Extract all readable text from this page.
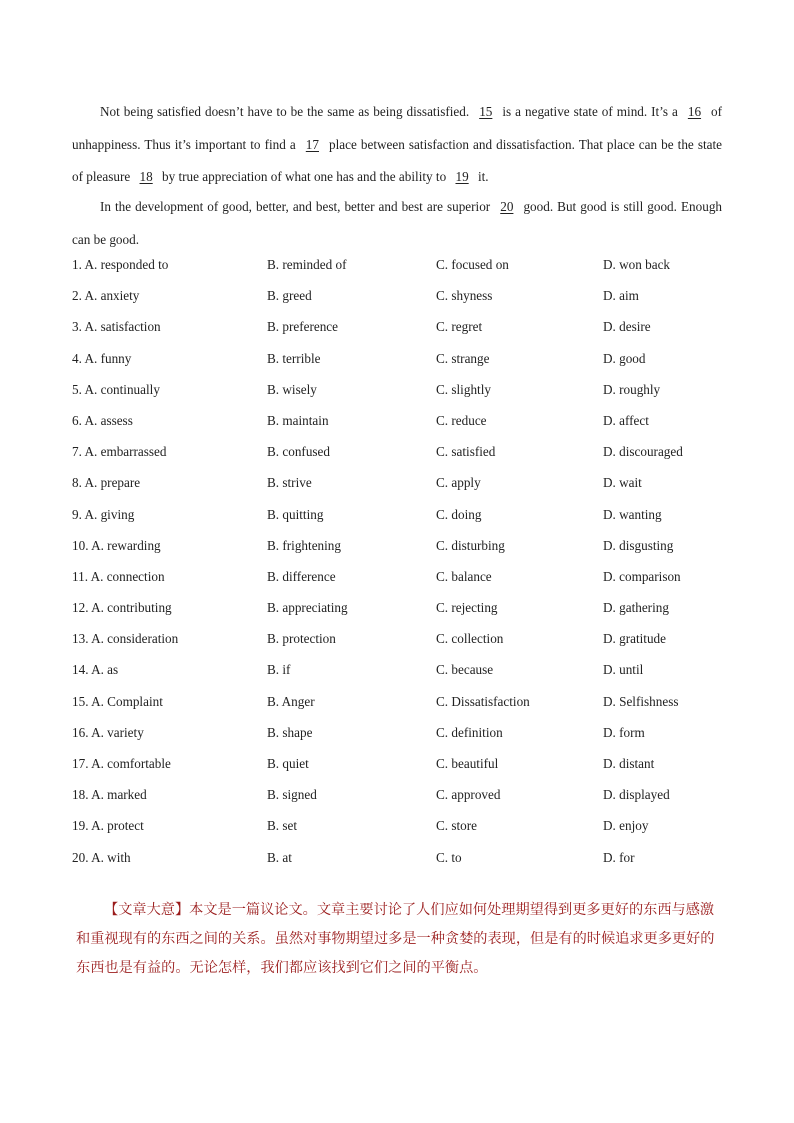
Not being satisfied doesn’t have to be the same as being dissatisfied. 15 is a negative state of mind. It’s a 16 of unhappiness. Thus it’s important to find a 17 place between satisfaction and dissatisfaction. That place can be the state of pleasure 18 by true appreciation of what one has and the ability to 19 it.

In the development of good, better, and best, better and best are superior 20 good. But good is still good. Enough can be good.

1. A. responded to	B. reminded of	C. focused on	D. won back
2. A. anxiety	B. greed	C. shyness	D. aim
3. A. satisfaction	B. preference	C. regret	D. desire
4. A. funny	B. terrible	C. strange	D. good
5. A. continually	B. wisely	C. slightly	D. roughly
6. A. assess	B. maintain	C. reduce	D. affect
7. A. embarrassed	B. confused	C. satisfied	D. discouraged
8. A. prepare	B. strive	C. apply	D. wait
9. A. giving	B. quitting	C. doing	D. wanting
10. A. rewarding	B. frightening	C. disturbing	D. disgusting
11. A. connection	B. difference	C. balance	D. comparison
12. A. contributing	B. appreciating	C. rejecting	D. gathering
13. A. consideration	B. protection	C. collection	D. gratitude
14. A. as	B. if	C. because	D. until
15. A. Complaint	B. Anger	C. Dissatisfaction	D. Selfishness
16. A. variety	B. shape	C. definition	D. form
17. A. comfortable	B. quiet	C. beautiful	D. distant
18. A. marked	B. signed	C. approved	D. displayed
19. A. protect	B. set	C. store	D. enjoy
20. A. with	B. at	C. to	D. for

【文章大意】本文是一篇议论文。文章主要讨论了人们应如何处理期望得到更多更好的东西与感激和重视现有的东西之间的关系。虽然对事物期望过多是一种贪婪的表现，但是有的时候追求更多更好的东西也是有益的。无论怎样，我们都应该找到它们之间的平衡点。
